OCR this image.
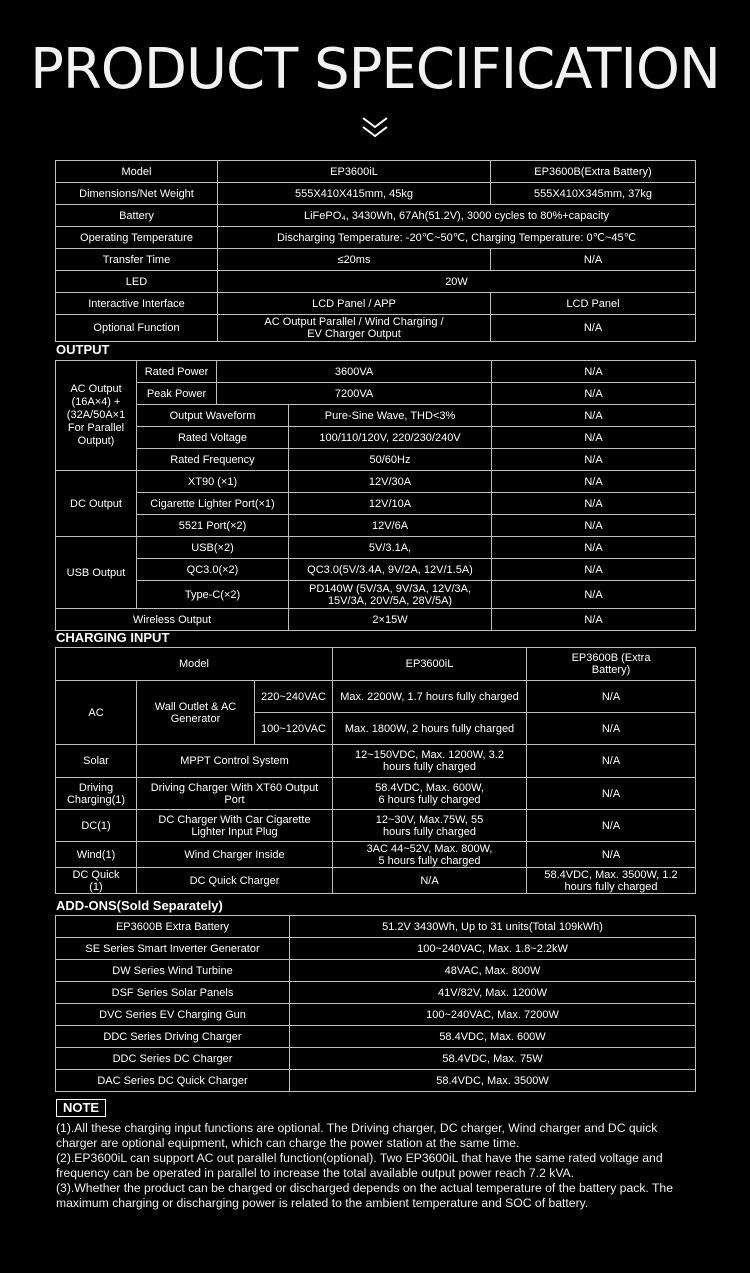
PRODUCT SPECIFICATION
Model	EP3600iL	EP3600B(Extra Battery)
Dimensions/Net Weight	555X410X415mm, 45kg	555X410X345mm, 37kg
Battery	LiFePO₄, 3430Wh, 67Ah(51.2V), 3000 cycles to 80%+capacity	
Operating Temperature	Discharging Temperature: -20℃~50℃, Charging Temperature: 0℃~45℃	
Transfer Time	≤20ms	N/A
LED	20W	
Interactive Interface	LCD Panel / APP	LCD Panel
Optional Function	AC Output Parallel / Wind Charging / EV Charger Output	N/A
OUTPUT
AC Output (16A×4) + (32A/50A×1 For Parallel Output)	Rated Power	3600VA		N/A
	Peak Power	7200VA		N/A
	Output Waveform		Pure-Sine Wave, THD<3%	N/A
	Rated Voltage		100/110/120V, 220/230/240V	N/A
	Rated Frequency		50/60Hz	N/A
DC Output	XT90 (×1)		12V/30A	N/A
	Cigarette Lighter Port(×1)		12V/10A	N/A
	5521 Port(×2)		12V/6A	N/A
USB Output	USB(×2)		5V/3.1A,	N/A
	QC3.0(×2)		QC3.0(5V/3.4A, 9V/2A, 12V/1.5A)	N/A
	Type-C(×2)		PD140W (5V/3A, 9V/3A, 12V/3A, 15V/3A, 20V/5A, 28V/5A)	N/A
Wireless Output			2×15W	N/A
CHARGING INPUT
Model			EP3600iL	EP3600B (Extra Battery)
AC	Wall Outlet & AC Generator	220~240VAC	Max. 2200W, 1.7 hours fully charged	N/A
		100~120VAC	Max. 1800W, 2 hours fully charged	N/A
Solar	MPPT Control System		12~150VDC, Max. 1200W, 3.2 hours fully charged	N/A
Driving Charging(1)	Driving Charger With XT60 Output Port		58.4VDC, Max. 600W, 6 hours fully charged	N/A
DC(1)	DC Charger With Car Cigarette Lighter Input Plug		12~30V, Max.75W, 55 hours fully charged	N/A
Wind(1)	Wind Charger Inside		3AC 44~52V, Max. 800W, 5 hours fully charged	N/A
DC Quick (1)	DC Quick Charger		N/A	58.4VDC, Max. 3500W, 1.2 hours fully charged
ADD-ONS(Sold Separately)
EP3600B Extra Battery	51.2V 3430Wh, Up to 31 units(Total 109kWh)
SE Series Smart Inverter Generator	100~240VAC, Max. 1.8~2.2kW
DW Series Wind Turbine	48VAC, Max. 800W
DSF Series Solar Panels	41V/82V, Max. 1200W
DVC Series EV Charging Gun	100~240VAC, Max. 7200W
DDC Series Driving Charger	58.4VDC, Max. 600W
DDC Series DC Charger	58.4VDC, Max. 75W
DAC Series DC Quick Charger	58.4VDC, Max. 3500W
NOTE

(1).All these charging input functions are optional. The Driving charger, DC charger, Wind charger and DC quick charger are optional equipment, which can charge the power station at the same time.

(2).EP3600iL can support AC out parallel function(optional). Two EP3600iL that have the same rated voltage and frequency can be operated in parallel to increase the total available output power reach 7.2 kVA.

(3).Whether the product can be charged or discharged depends on the actual temperature of the battery pack. The maximum charging or discharging power is related to the ambient temperature and SOC of battery.
